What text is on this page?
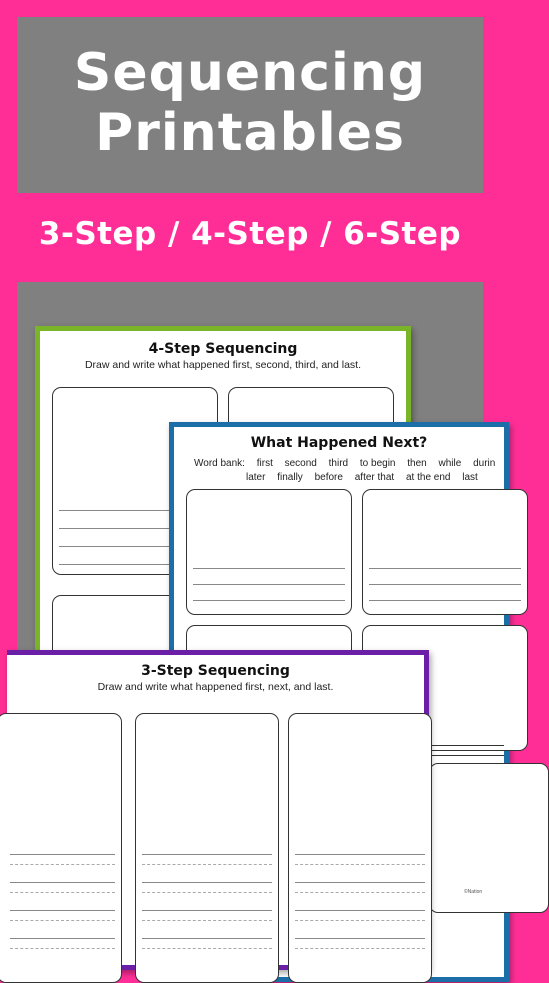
Sequencing
Printables
3-Step / 4-Step / 6-Step
4-Step Sequencing
Draw and write what happened first, second, third, and last.
What Happened Next?
Word bank: first second third to begin then while durin
later finally before after that at the end last
©Nation
3-Step Sequencing
Draw and write what happened first, next, and last.
